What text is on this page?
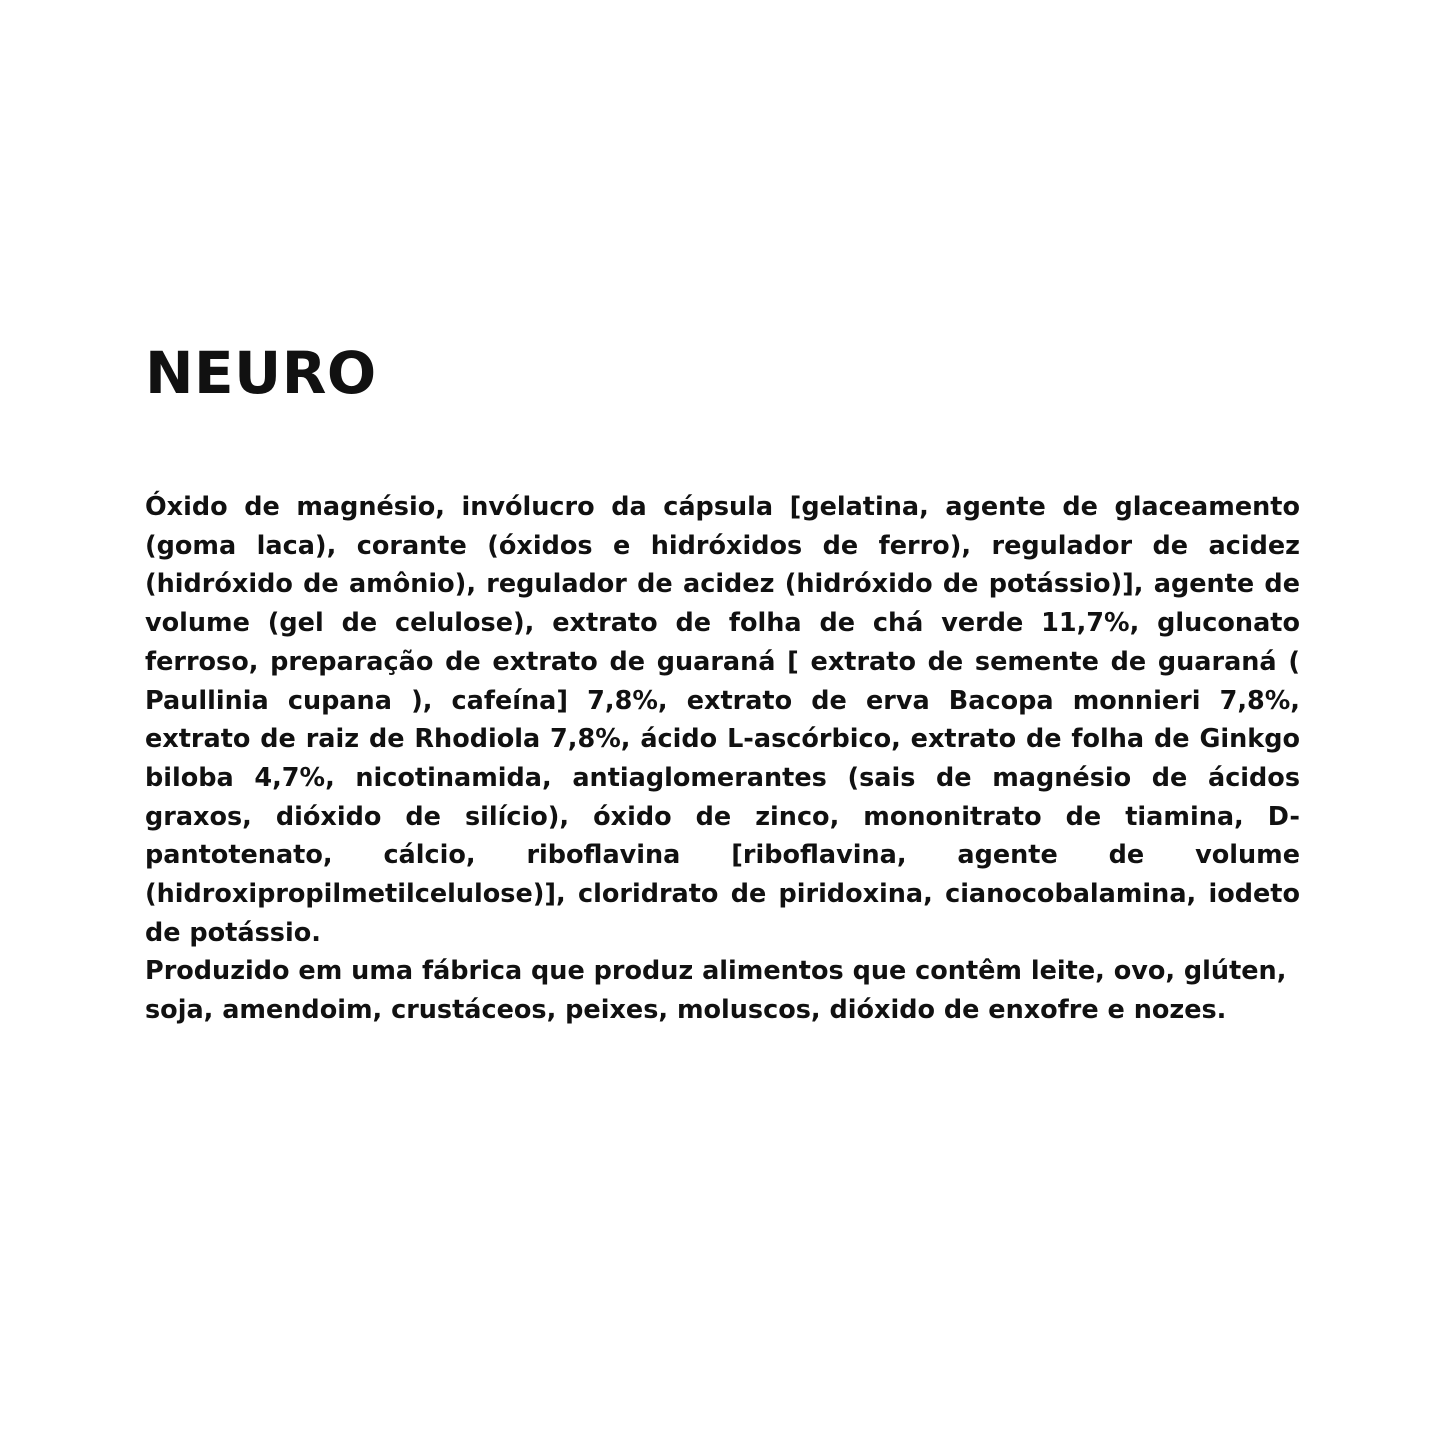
NEURO

Óxido de magnésio, invólucro da cápsula [gelatina, agente de glaceamento (goma laca), corante (óxidos e hidróxidos de ferro), regulador de acidez (hidróxido de amônio), regulador de acidez (hidróxido de potássio)], agente de volume (gel de celulose), extrato de folha de chá verde 11,7%, gluconato ferroso, preparação de extrato de guaraná [ extrato de semente de guaraná ( Paullinia cupana ), cafeína] 7,8%, extrato de erva Bacopa monnieri 7,8%, extrato de raiz de Rhodiola 7,8%, ácido L-ascórbico, extrato de folha de Ginkgo biloba 4,7%, nicotinamida, antiaglomerantes (sais de magnésio de ácidos graxos, dióxido de silício), óxido de zinco, mononitrato de tiamina, D-pantotenato, cálcio, riboflavina [riboflavina, agente de volume (hidroxipropilmetilcelulose)], cloridrato de piridoxina, cianocobalamina, iodeto de potássio.

Produzido em uma fábrica que produz alimentos que contêm leite, ovo, glúten, soja, amendoim, crustáceos, peixes, moluscos, dióxido de enxofre e nozes.
